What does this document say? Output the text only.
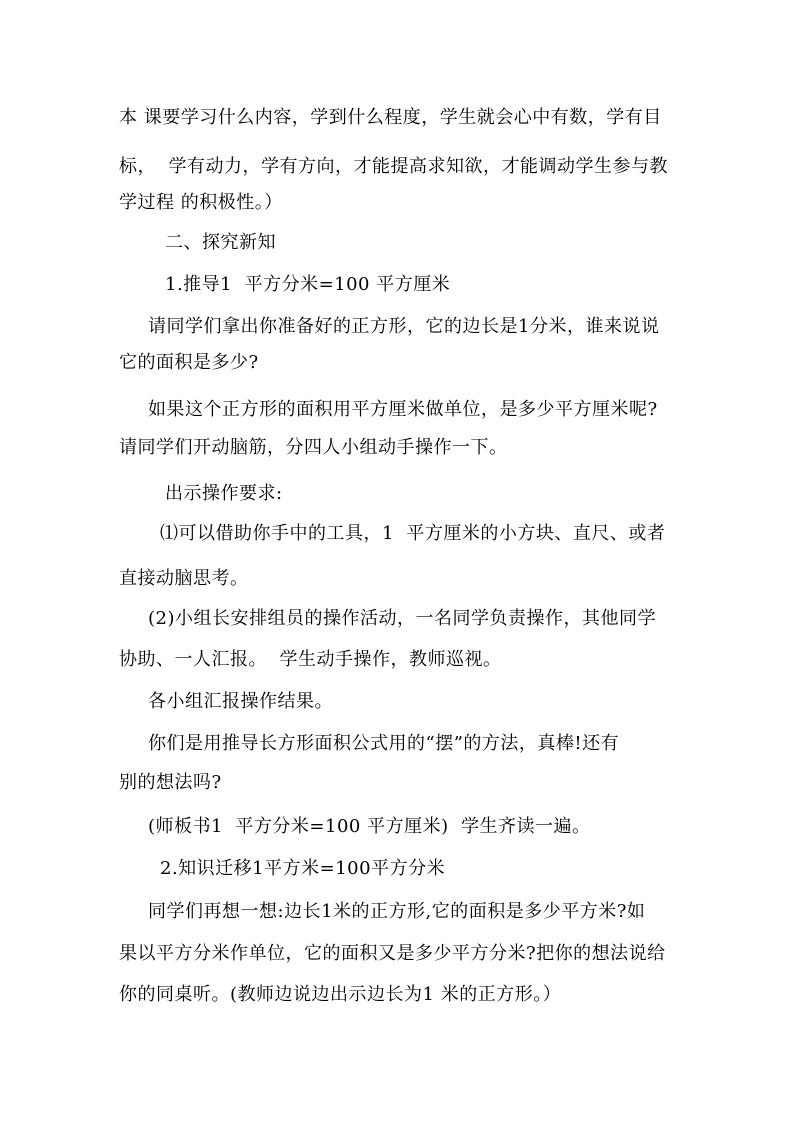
本 课要学习什么内容，学到什么程度，学生就会心中有数，学有目
标，  学有动力，学有方向，才能提高求知欲，才能调动学生参与教
学过程 的积极性。）
二、探究新知
1.推导1  平方分米=100 平方厘米
请同学们拿出你准备好的正方形，它的边长是1分米，谁来说说
它的面积是多少?
如果这个正方形的面积用平方厘米做单位，是多少平方厘米呢?
请同学们开动脑筋，分四人小组动手操作一下。
出示操作要求:
⑴可以借助你手中的工具，1  平方厘米的小方块、直尺、或者
直接动脑思考。
(2)小组长安排组员的操作活动，一名同学负责操作，其他同学
协助、一人汇报。  学生动手操作，教师巡视。
各小组汇报操作结果。
你们是用推导长方形面积公式用的“摆”的方法，真棒!还有
别的想法吗?
(师板书1  平方分米=100 平方厘米)  学生齐读一遍。
2.知识迁移1平方米=100平方分米
同学们再想一想:边长1米的正方形,它的面积是多少平方米?如
果以平方分米作单位，它的面积又是多少平方分米?把你的想法说给
你的同桌听。(教师边说边出示边长为1 米的正方形。）
